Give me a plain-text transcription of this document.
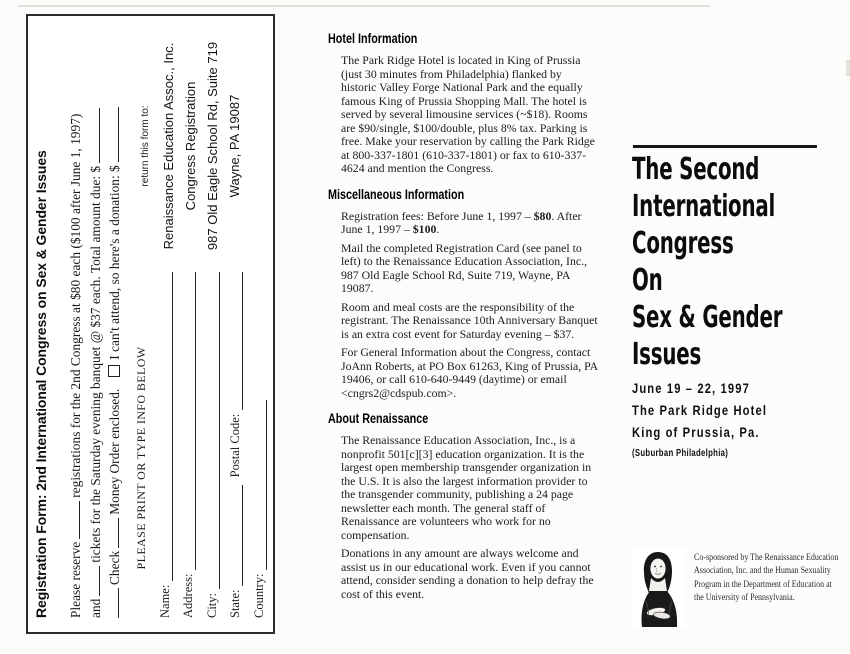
Registration Form: 2nd International Congress on Sex & Gender Issues Please reserveregistrations for the 2nd Congress at $80 each ($100 after June 1, 1997)
andtickets for the Saturday evening banquet @ $37 each. Total amount due: $
CheckMoney Order enclosed.I can't attend, so here's a donation: $
PLEASE PRINT OR TYPE INFO BELOW
Name: Address: City: State:
Postal Code:
Country:
return this form to: Renaissance Education Assoc., Inc. Congress Registration 987 Old Eagle School Rd, Suite 719 Wayne, PA 19087
Hotel Information

The Park Ridge Hotel is located in King of Prussia (just 30 minutes from Philadelphia) flanked by historic Valley Forge National Park and the equally famous King of Prussia Shopping Mall. The hotel is served by several limousine services (~$18). Rooms are $90/single, $100/double, plus 8% tax. Parking is free. Make your reservation by calling the Park Ridge at 800-337-1801 (610-337-1801) or fax to 610-337-4624 and mention the Congress.

Miscellaneous Information

Registration fees: Before June 1, 1997 – $80. After June 1, 1997 – $100.

Mail the completed Registration Card (see panel to left) to the Renaissance Education Association, Inc., 987 Old Eagle School Rd, Suite 719, Wayne, PA 19087.

Room and meal costs are the responsibility of the registrant. The Renaissance 10th Anniversary Banquet is an extra cost event for Saturday evening – $37.

For General Information about the Congress, contact JoAnn Roberts, at PO Box 61263, King of Prussia, PA 19406, or call 610-640-9449 (daytime) or email <cngrs2@cdspub.com>.

About Renaissance

The Renaissance Education Association, Inc., is a nonprofit 501[c][3] education organization. It is the largest open membership transgender organization in the U.S. It is also the largest information provider to the transgender community, publishing a 24 page newsletter each month. The general staff of Renaissance are volunteers who work for no compensation.

Donations in any amount are always welcome and assist us in our educational work. Even if you cannot attend, consider sending a donation to help defray the cost of this event.

The Second
International
Congress
On
Sex & Gender
Issues
June 19 – 22, 1997
The Park Ridge Hotel
King of Prussia, Pa.
(Suburban Philadelphia)
Co-sponsored by The Renaissance Education
Association, Inc. and the Human Sexuality
Program in the Department of Education at
the University of Pennsylvania.
